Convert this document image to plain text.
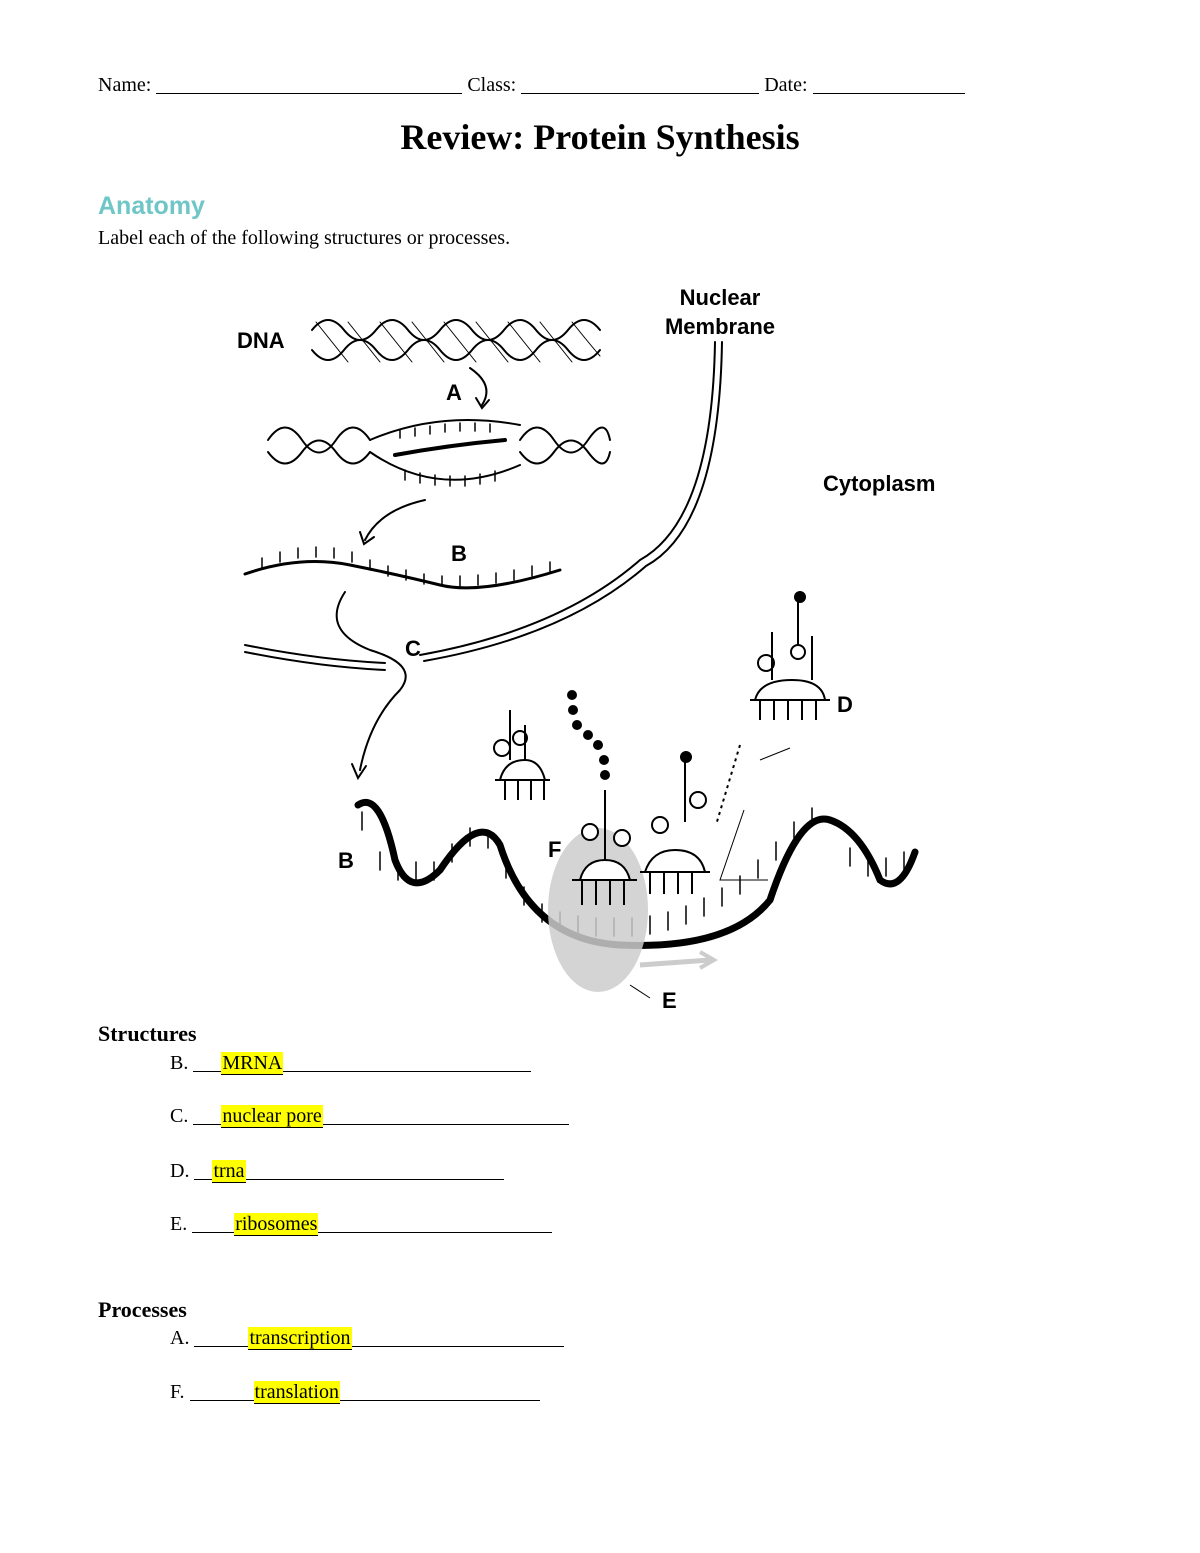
Name:	Class:	Date:
Review: Protein Synthesis
Anatomy
Label each of the following structures or processes.
DNA
Nuclear
Membrane
Cytoplasm
A
B
C
D
B	F
E
Structures
B. MRNA
C. nuclear pore
D. trna
E. ribosomes
Processes
A.	transcription
F.	translation
